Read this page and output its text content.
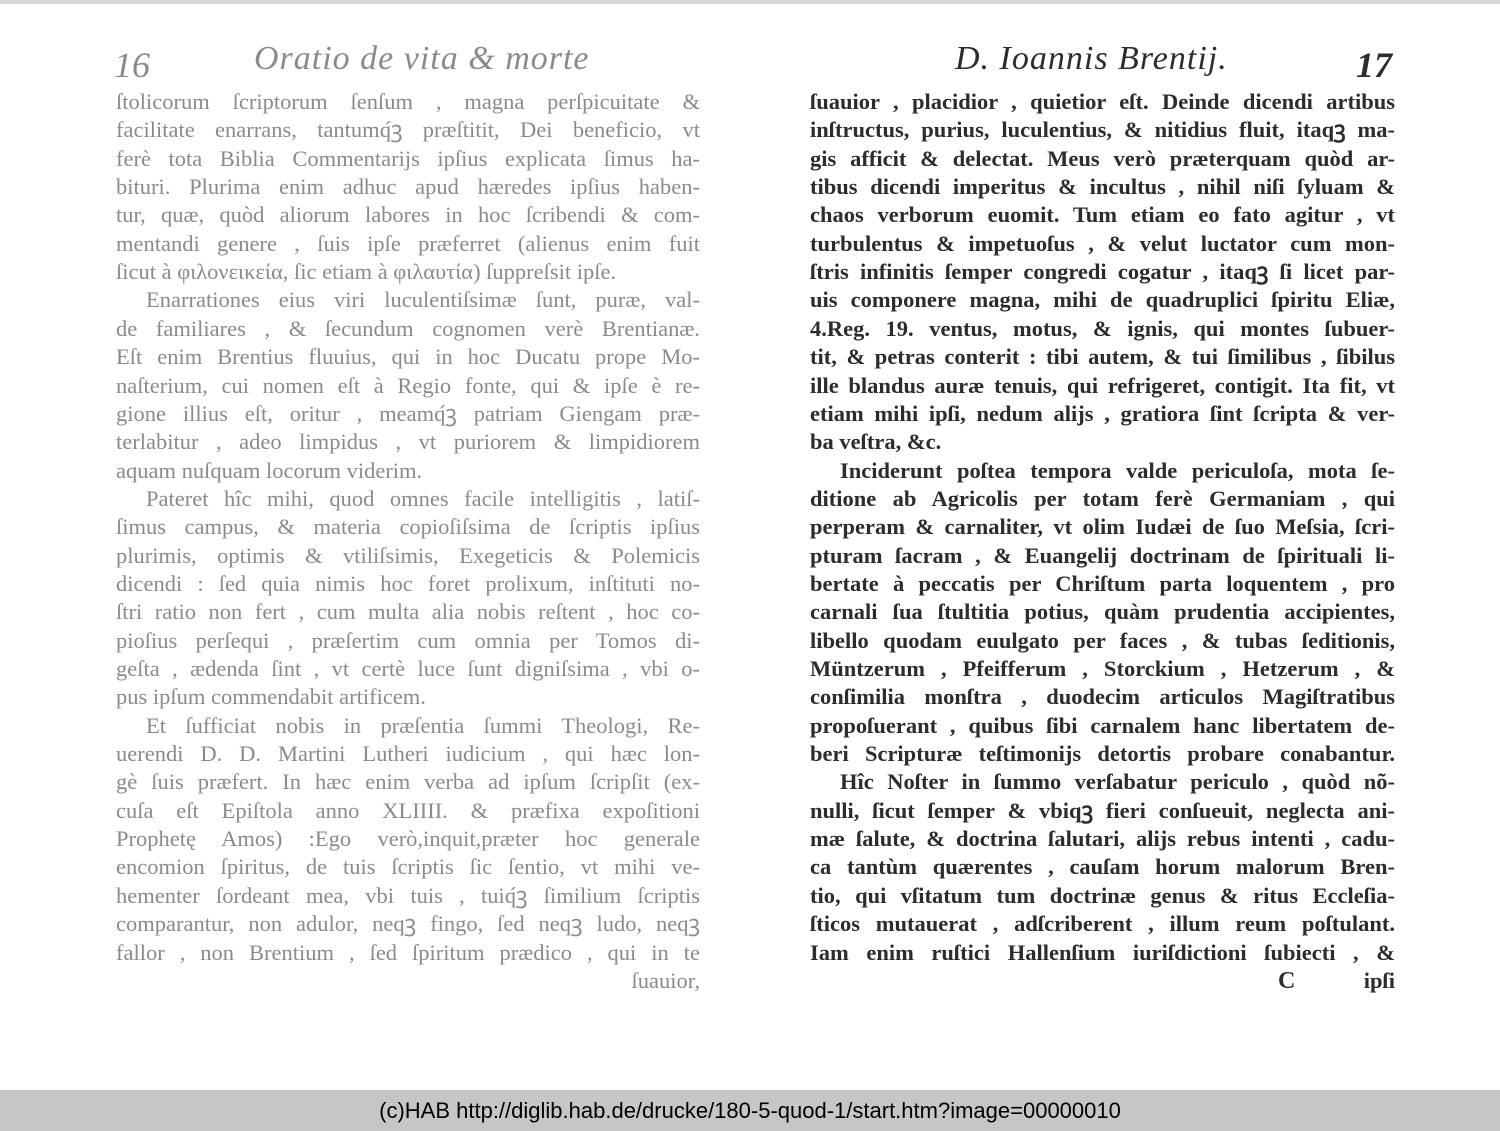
16	Oratio de vita & morte
ſtolicorum ſcriptorum ſenſum , magna perſpicuitate &
facilitate enarrans, tantumq́ꝫ præſtitit, Dei beneficio, vt
ferè tota Biblia Commentarijs ipſius explicata ſimus ha-
bituri. Plurima enim adhuc apud hæredes ipſius haben-
tur, quæ, quòd aliorum labores in hoc ſcribendi & com-
mentandi genere , ſuis ipſe præferret (alienus enim fuit
ſicut à φιλονεικεία, ſic etiam à φιλαυτία) ſuppreſsit ipſe.
Enarrationes eius viri luculentiſsimæ ſunt, puræ, val-
de familiares , & ſecundum cognomen verè Brentianæ.
Eſt enim Brentius fluuius, qui in hoc Ducatu prope Mo-
naſterium, cui nomen eſt à Regio fonte, qui & ipſe è re-
gione illius eſt, oritur , meamq́ꝫ patriam Giengam præ-
terlabitur , adeo limpidus , vt puriorem & limpidiorem
aquam nuſquam locorum viderim.
Pateret hîc mihi, quod omnes facile intelligitis , latiſ-
ſimus campus, & materia copioſiſsima de ſcriptis ipſius
plurimis, optimis & vtiliſsimis, Exegeticis & Polemicis
dicendi : ſed quia nimis hoc foret prolixum, inſtituti no-
ſtri ratio non fert , cum multa alia nobis reſtent , hoc co-
pioſius perſequi , præſertim cum omnia per Tomos di-
geſta , ædenda ſint , vt certè luce ſunt digniſsima , vbi o-
pus ipſum commendabit artificem.
Et ſufficiat nobis in præſentia ſummi Theologi, Re-
uerendi D. D. Martini Lutheri iudicium , qui hæc lon-
gè ſuis præfert. In hæc enim verba ad ipſum ſcripſit (ex-
cuſa eſt Epiſtola anno XLIIII. & præfixa expoſitioni
Prophetę Amos) :Ego verò,inquit,præter hoc generale
encomion ſpiritus, de tuis ſcriptis ſic ſentio, vt mihi ve-
hementer ſordeant mea, vbi tuis , tuiq́ꝫ ſimilium ſcriptis
comparantur, non adulor, neqꝫ fingo, ſed neqꝫ ludo, neqꝫ
fallor , non Brentium , ſed ſpiritum prædico , qui in te
ſuauior,
D. Ioannis Brentij.	17
ſuauior , placidior , quietior eſt. Deinde dicendi artibus
inſtructus, purius, luculentius, & nitidius fluit, itaqꝫ ma-
gis afficit & delectat. Meus verò præterquam quòd ar-
tibus dicendi imperitus & incultus , nihil niſi ſyluam &
chaos verborum euomit. Tum etiam eo fato agitur , vt
turbulentus & impetuoſus , & velut luctator cum mon-
ſtris infinitis ſemper congredi cogatur , itaqꝫ ſi licet par-
uis componere magna, mihi de quadruplici ſpiritu Eliæ,
4.Reg. 19. ventus, motus, & ignis, qui montes ſubuer-
tit, & petras conterit : tibi autem, & tui ſimilibus , ſibilus
ille blandus auræ tenuis, qui refrigeret, contigit. Ita fit, vt
etiam mihi ipſi, nedum alijs , gratiora ſint ſcripta & ver-
ba veſtra, &c.
Inciderunt poſtea tempora valde periculoſa, mota ſe-
ditione ab Agricolis per totam ferè Germaniam , qui
perperam & carnaliter, vt olim Iudæi de ſuo Meſsia, ſcri-
pturam ſacram , & Euangelij doctrinam de ſpirituali li-
bertate à peccatis per Chriſtum parta loquentem , pro
carnali ſua ſtultitia potius, quàm prudentia accipientes,
libello quodam euulgato per faces , & tubas ſeditionis,
Müntzerum , Pfeifferum , Storckium , Hetzerum , &
conſimilia monſtra , duodecim articulos Magiſtratibus
propoſuerant , quibus ſibi carnalem hanc libertatem de-
beri Scripturæ teſtimonijs detortis probare conabantur.
Hîc Noſter in ſummo verſabatur periculo , quòd nõ-
nulli, ſicut ſemper & vbiqꝫ fieri conſueuit, neglecta ani-
mæ ſalute, & doctrina ſalutari, alijs rebus intenti , cadu-
ca tantùm quærentes , cauſam horum malorum Bren-
tio, qui vſitatum tum doctrinæ genus & ritus Eccleſia-
ſticos mutauerat , adſcriberent , illum reum poſtulant.
Iam enim ruſtici Hallenſium iuriſdictioni ſubiecti , &
ipſi
C
(c)HAB http://diglib.hab.de/drucke/180-5-quod-1/start.htm?image=00000010
